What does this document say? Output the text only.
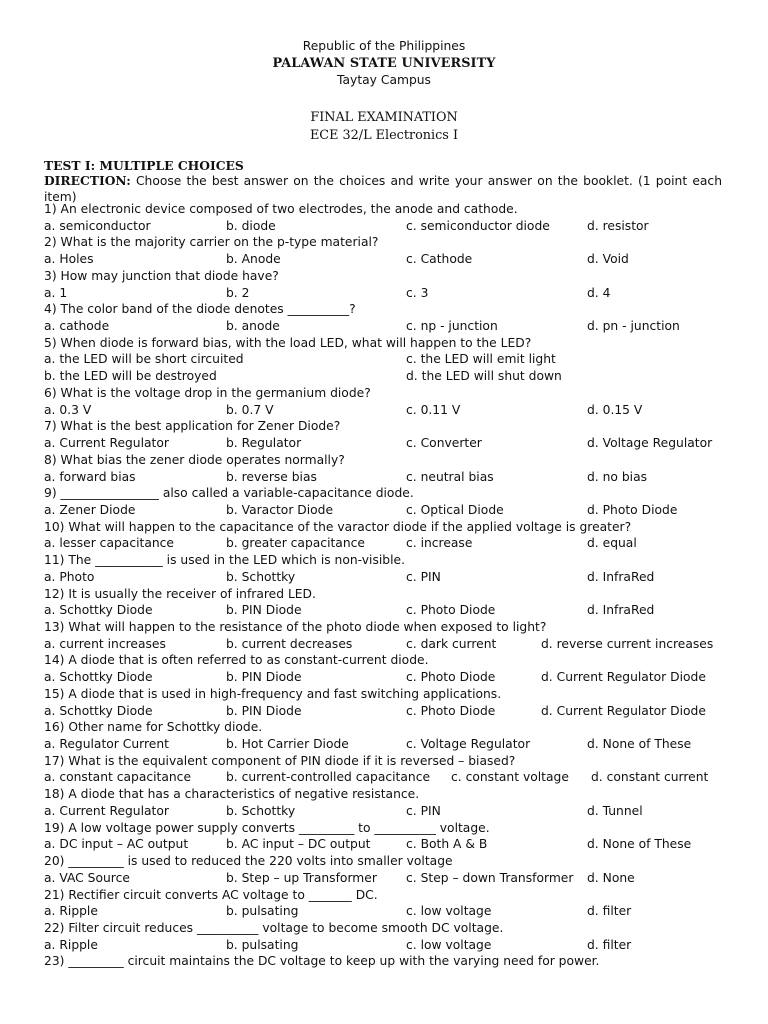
Republic of the Philippines
PALAWAN STATE UNIVERSITY
Taytay Campus
FINAL EXAMINATION
ECE 32/L Electronics I
TEST I: MULTIPLE CHOICES
DIRECTION: Choose the best answer on the choices and write your answer on the booklet. (1 point each item)
1) An electronic device composed of two electrodes, the anode and cathode.
a. semiconductor	b. diode	c. semiconductor diode	d. resistor
2) What is the majority carrier on the p-type material?
a. Holes	b. Anode	c. Cathode	d. Void
3) How may junction that diode have?
a. 1	b. 2	c. 3	d. 4
4) The color band of the diode denotes __________?
a. cathode	b. anode	c. np - junction	d. pn - junction
5) When diode is forward bias, with the load LED, what will happen to the LED?
a. the LED will be short circuited	c. the LED will emit light
b. the LED will be destroyed	d. the LED will shut down
6) What is the voltage drop in the germanium diode?
a. 0.3 V	b. 0.7 V	c. 0.11 V	d. 0.15 V
7) What is the best application for Zener Diode?
a. Current Regulator	b. Regulator	c. Converter	d. Voltage Regulator
8) What bias the zener diode operates normally?
a. forward bias	b. reverse bias	c. neutral bias	d. no bias
9) ________________ also called a variable-capacitance diode.
a. Zener Diode	b. Varactor Diode	c. Optical Diode	d. Photo Diode
10) What will happen to the capacitance of the varactor diode if the applied voltage is greater?
a. lesser capacitance	b. greater capacitance	c. increase	d. equal
11) The ___________ is used in the LED which is non-visible.
a. Photo	b. Schottky	c. PIN	d. InfraRed
12) It is usually the receiver of infrared LED.
a. Schottky Diode	b. PIN Diode	c. Photo Diode	d. InfraRed
13) What will happen to the resistance of the photo diode when exposed to light?
a. current increases	b. current decreases	c. dark current	d. reverse current increases
14) A diode that is often referred to as constant-current diode.
a. Schottky Diode	b. PIN Diode	c. Photo Diode	d. Current Regulator Diode
15) A diode that is used in high-frequency and fast switching applications.
a. Schottky Diode	b. PIN Diode	c. Photo Diode	d. Current Regulator Diode
16) Other name for Schottky diode.
a. Regulator Current	b. Hot Carrier Diode	c. Voltage Regulator	d. None of These
17) What is the equivalent component of PIN diode if it is reversed – biased?
a. constant capacitance	b. current-controlled capacitance c. constant voltage d. constant current
18) A diode that has a characteristics of negative resistance.
a. Current Regulator	b. Schottky	c. PIN	d. Tunnel
19) A low voltage power supply converts _________ to __________ voltage.
a. DC input – AC output	b. AC input – DC output	c. Both A & B	d. None of These
20) _________ is used to reduced the 220 volts into smaller voltage
a. VAC Source	b. Step – up Transformer c. Step – down Transformer d. None
21) Rectifier circuit converts AC voltage to _______ DC.
a. Ripple	b. pulsating	c. low voltage	d. filter
22) Filter circuit reduces __________ voltage to become smooth DC voltage.
a. Ripple	b. pulsating	c. low voltage	d. filter
23) _________ circuit maintains the DC voltage to keep up with the varying need for power.
